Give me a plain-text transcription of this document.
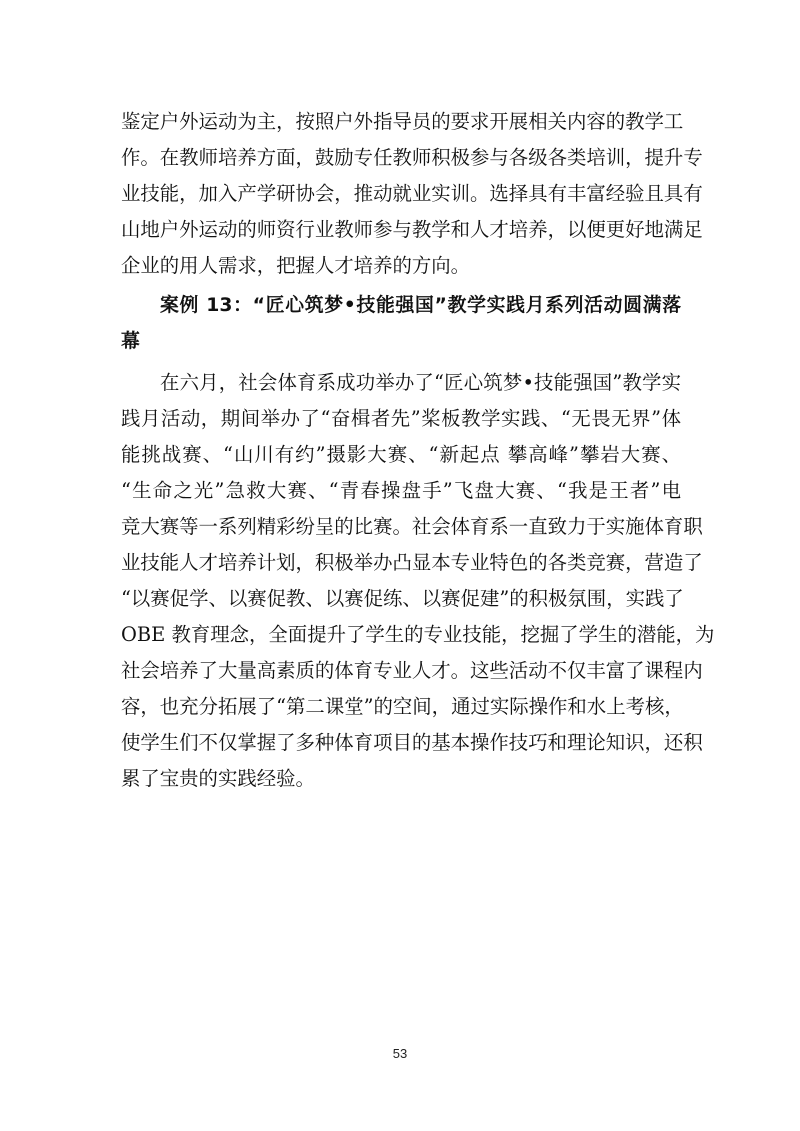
鉴定户外运动为主，按照户外指导员的要求开展相关内容的教学工
作。在教师培养方面，鼓励专任教师积极参与各级各类培训，提升专
业技能，加入产学研协会，推动就业实训。选择具有丰富经验且具有
山地户外运动的师资行业教师参与教学和人才培养，以便更好地满足
企业的用人需求，把握人才培养的方向。
案例 13：“匠心筑梦•技能强国”教学实践月系列活动圆满落
幕
在六月，社会体育系成功举办了“匠心筑梦•技能强国”教学实
践月活动，期间举办了“奋楫者先”桨板教学实践、“无畏无界”体
能挑战赛、“山川有约”摄影大赛、“新起点 攀高峰”攀岩大赛、
“生命之光”急救大赛、“青春操盘手”飞盘大赛、“我是王者”电
竞大赛等一系列精彩纷呈的比赛。社会体育系一直致力于实施体育职
业技能人才培养计划，积极举办凸显本专业特色的各类竞赛，营造了
“以赛促学、以赛促教、以赛促练、以赛促建”的积极氛围，实践了
OBE 教育理念，全面提升了学生的专业技能，挖掘了学生的潜能，为
社会培养了大量高素质的体育专业人才。这些活动不仅丰富了课程内
容，也充分拓展了“第二课堂”的空间，通过实际操作和水上考核，
使学生们不仅掌握了多种体育项目的基本操作技巧和理论知识，还积
累了宝贵的实践经验。
53
